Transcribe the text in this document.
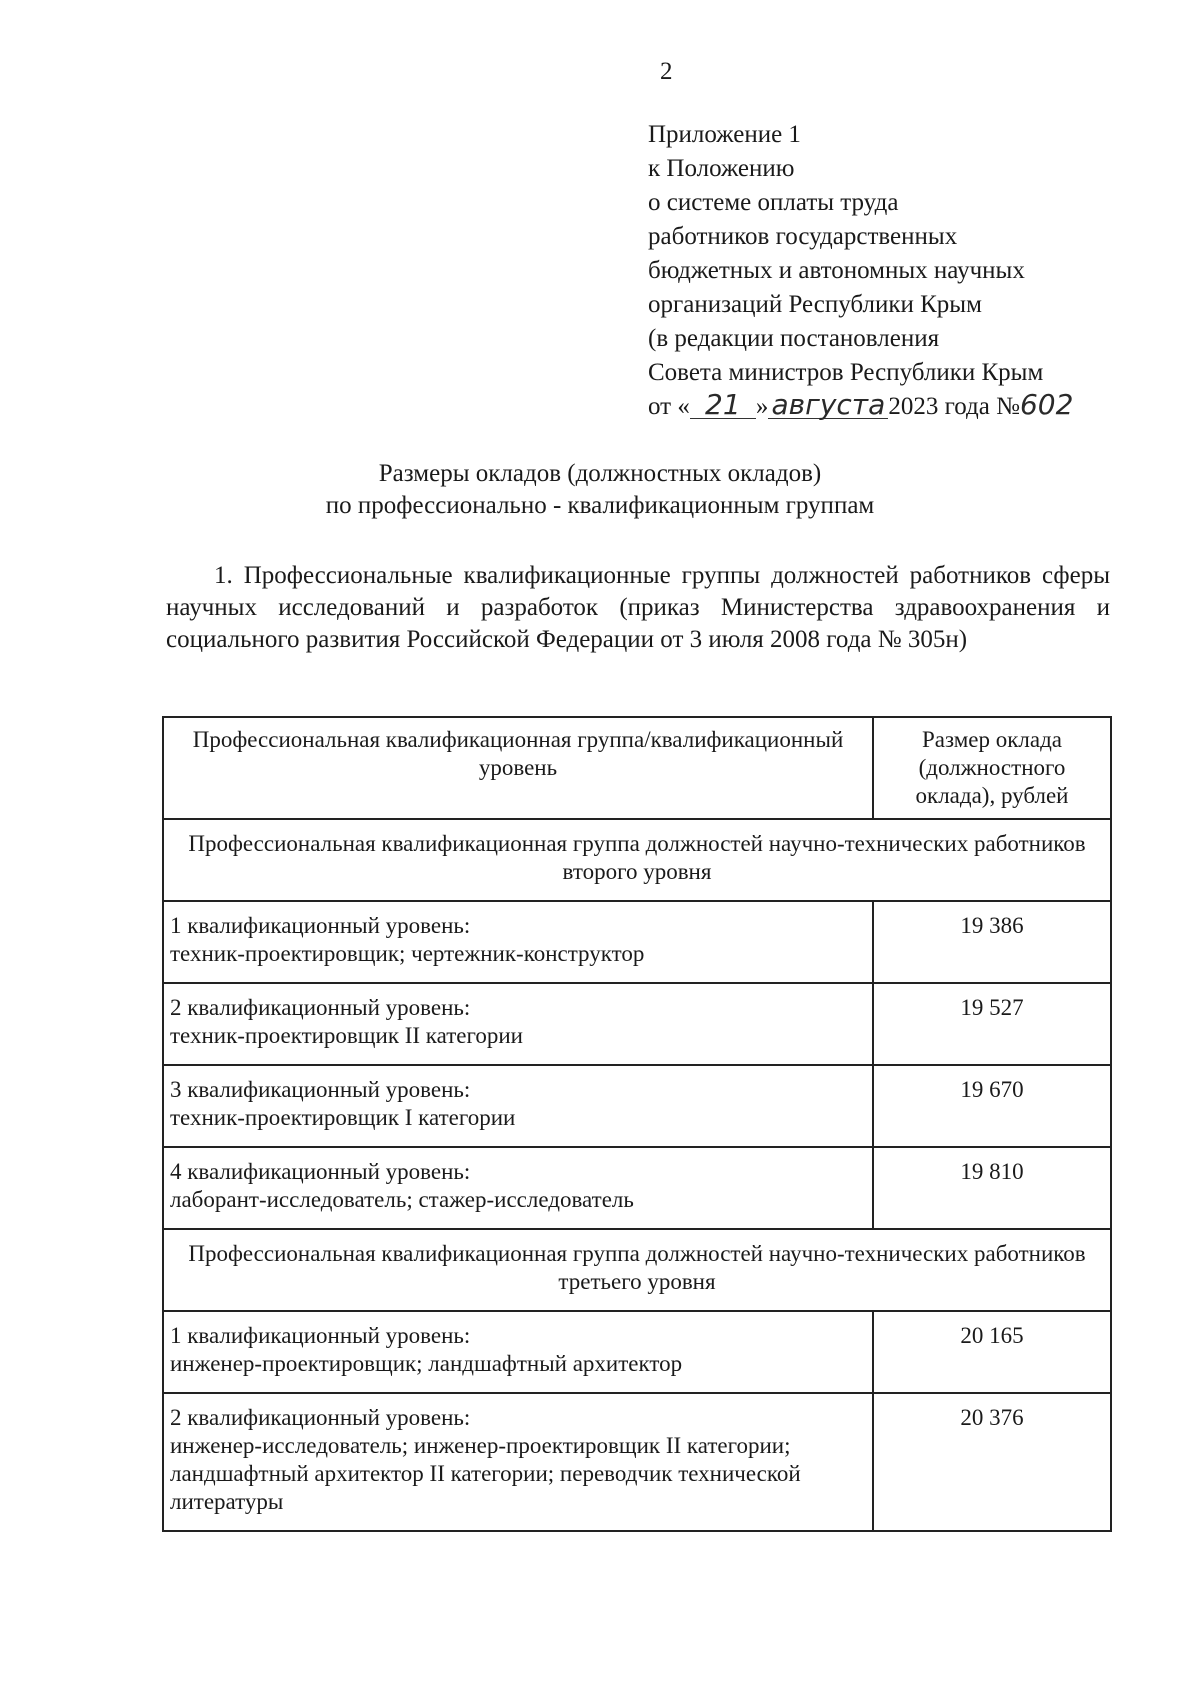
2
Приложение 1
к Положению
о системе оплаты труда
работников государственных
бюджетных и автономных научных
организаций Республики Крым
(в редакции постановления
Совета министров Республики Крым
от « 21 » августа 2023 года №602
Размеры окладов (должностных окладов)
по профессионально - квалификационным группам
1. Профессиональные квалификационные группы должностей работников сферы научных исследований и разработок (приказ Министерства здравоохранения и социального развития Российской Федерации от 3 июля 2008 года № 305н)
Профессиональная квалификационная группа/квалификационный уровень	Размер оклада (должностного оклада), рублей
Профессиональная квалификационная группа должностей научно-технических работников второго уровня	

1 квалификационный уровень:
техник-проектировщик; чертежник-конструктор	19 386

2 квалификационный уровень:
техник-проектировщик II категории	19 527

3 квалификационный уровень:
техник-проектировщик I категории	19 670

4 квалификационный уровень:
лаборант-исследователь; стажер-исследователь	19 810
Профессиональная квалификационная группа должностей научно-технических работников третьего уровня	

1 квалификационный уровень:
инженер-проектировщик; ландшафтный архитектор	20 165

2 квалификационный уровень:
инженер-исследователь; инженер-проектировщик II категории; ландшафтный архитектор II категории; переводчик технической литературы	20 376
